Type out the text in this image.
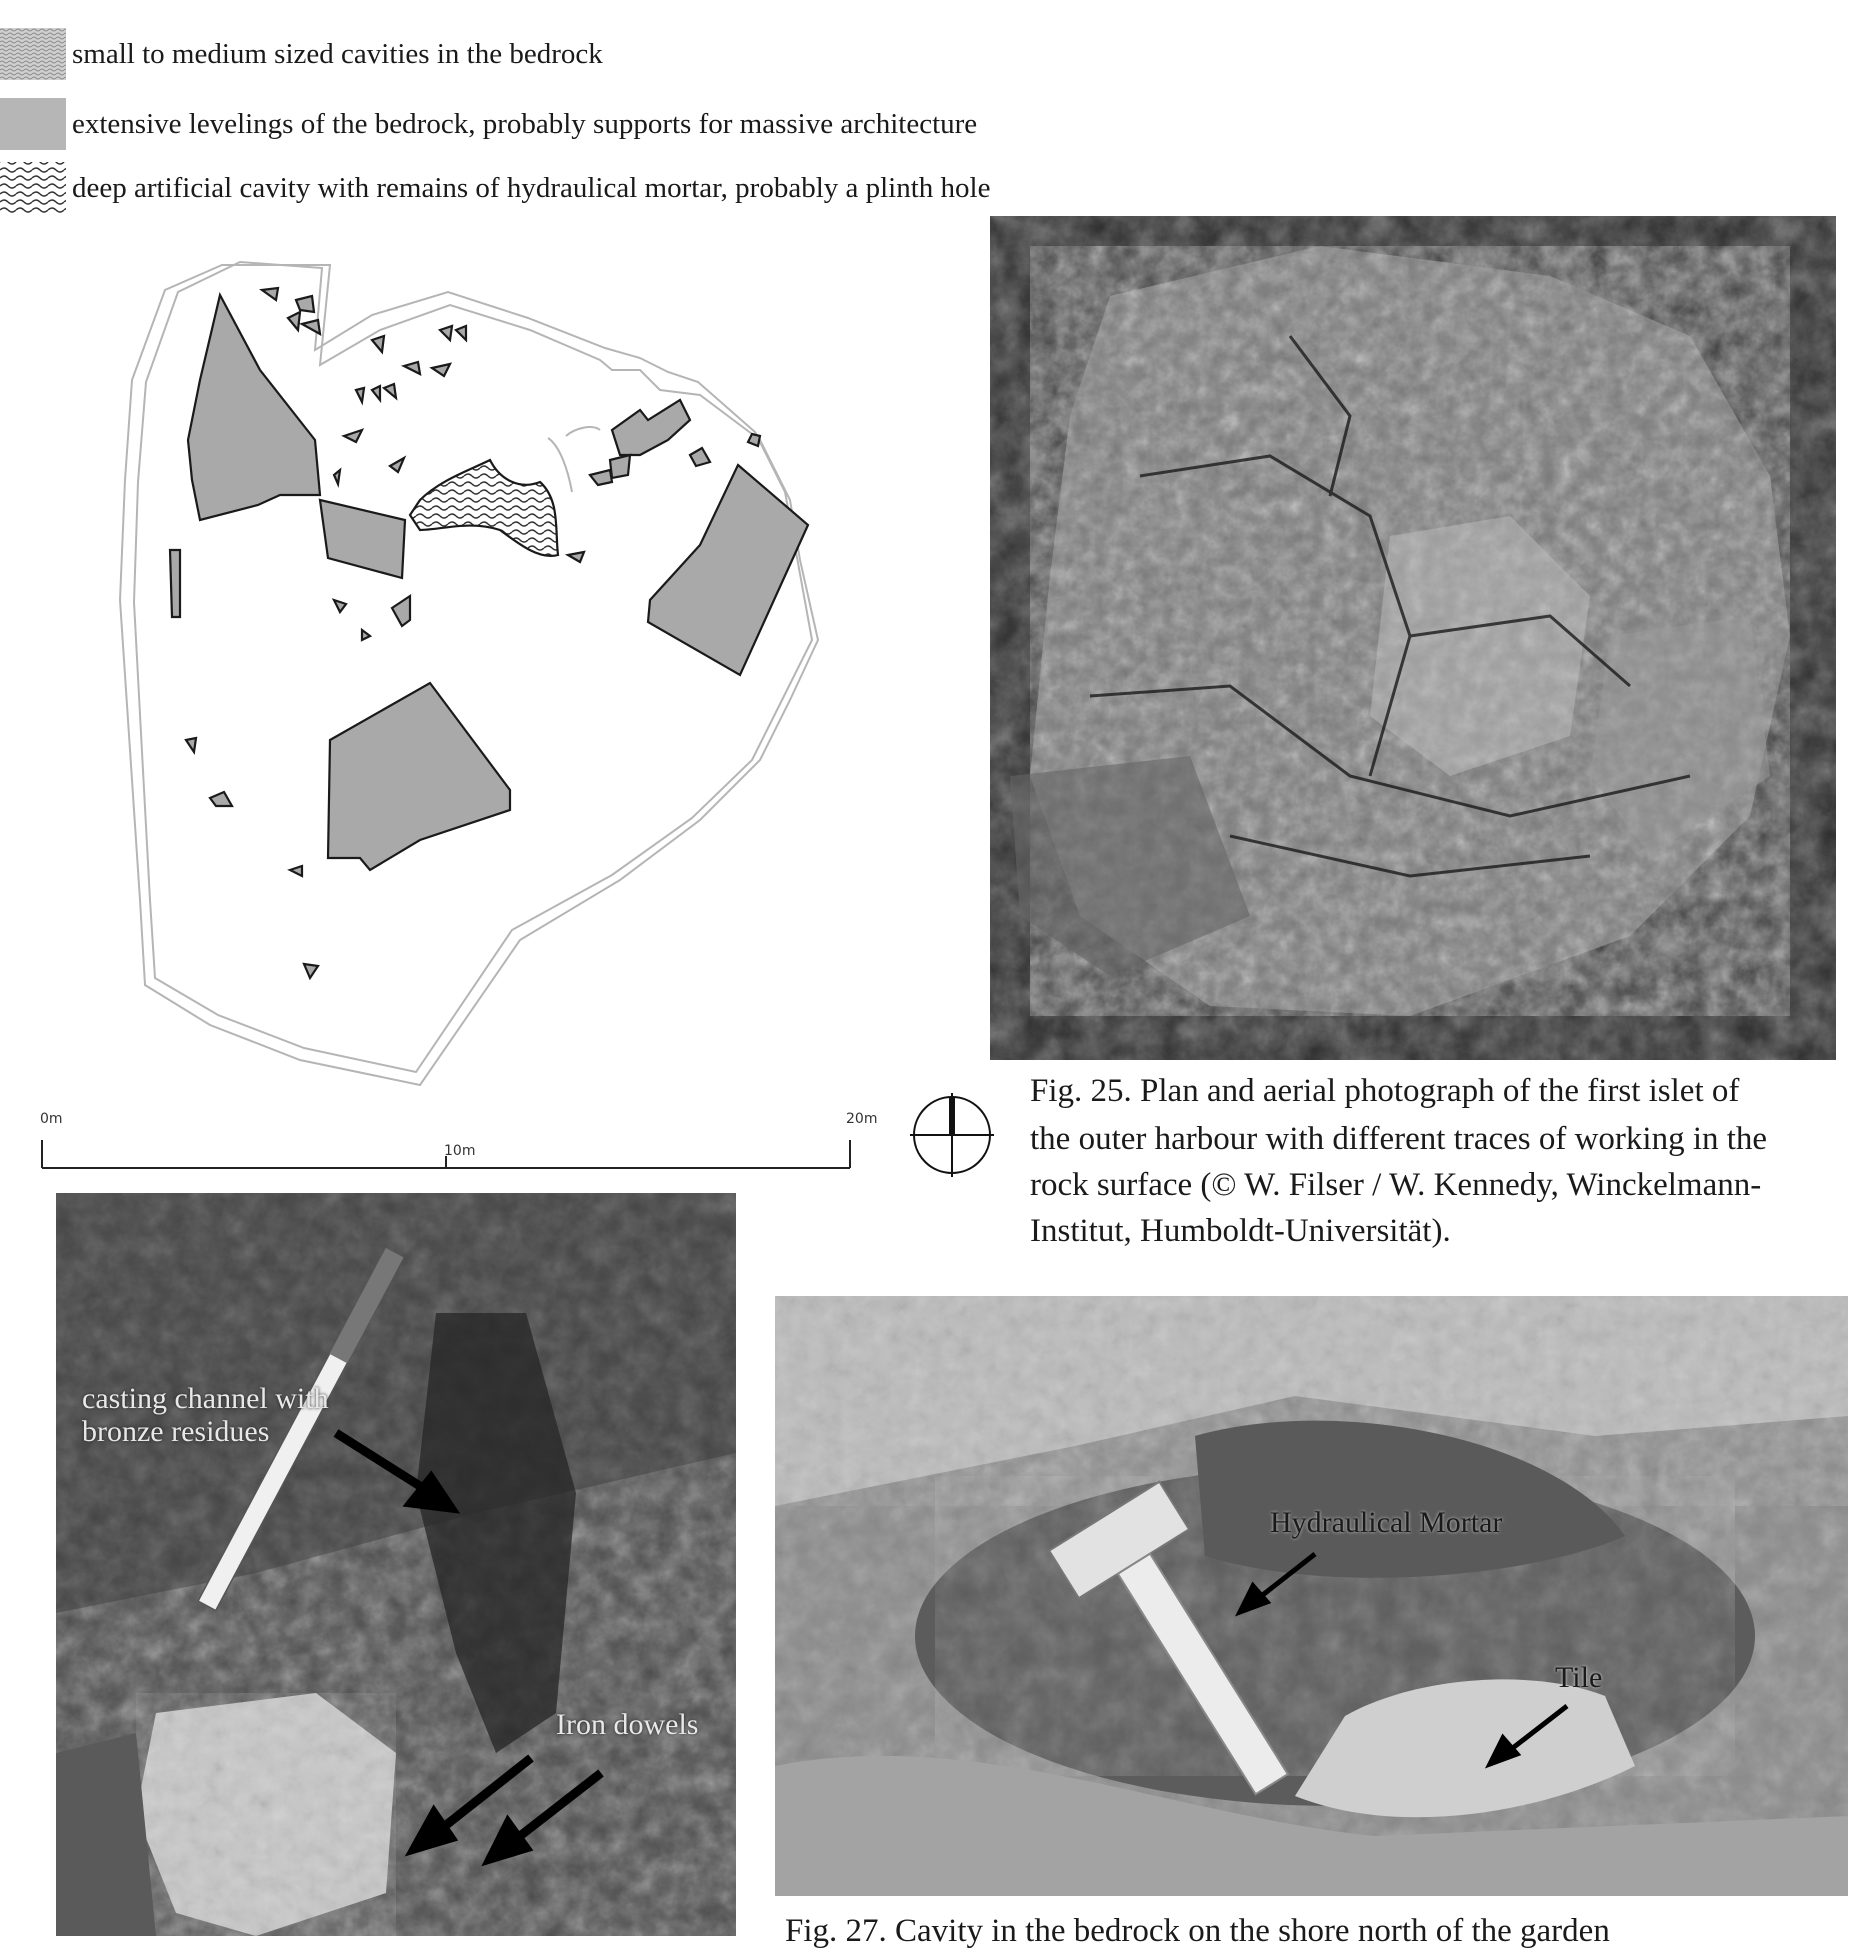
small to medium sized cavities in the bedrock
extensive levelings of the bedrock, probably supports for massive architecture
deep artificial cavity with remains of hydraulical mortar, probably a plinth hole
0m
10m
20m
Fig. 25. Plan and aerial photograph of the first islet of
the outer harbour with different traces of working in the
rock surface (© W. Filser / W. Kennedy, Winckelmann-
Institut, Humboldt-Universität).
casting channel with
bronze residues
Iron dowels
Hydraulical Mortar
Tile
Fig. 27. Cavity in the bedrock on the shore north of the garden
